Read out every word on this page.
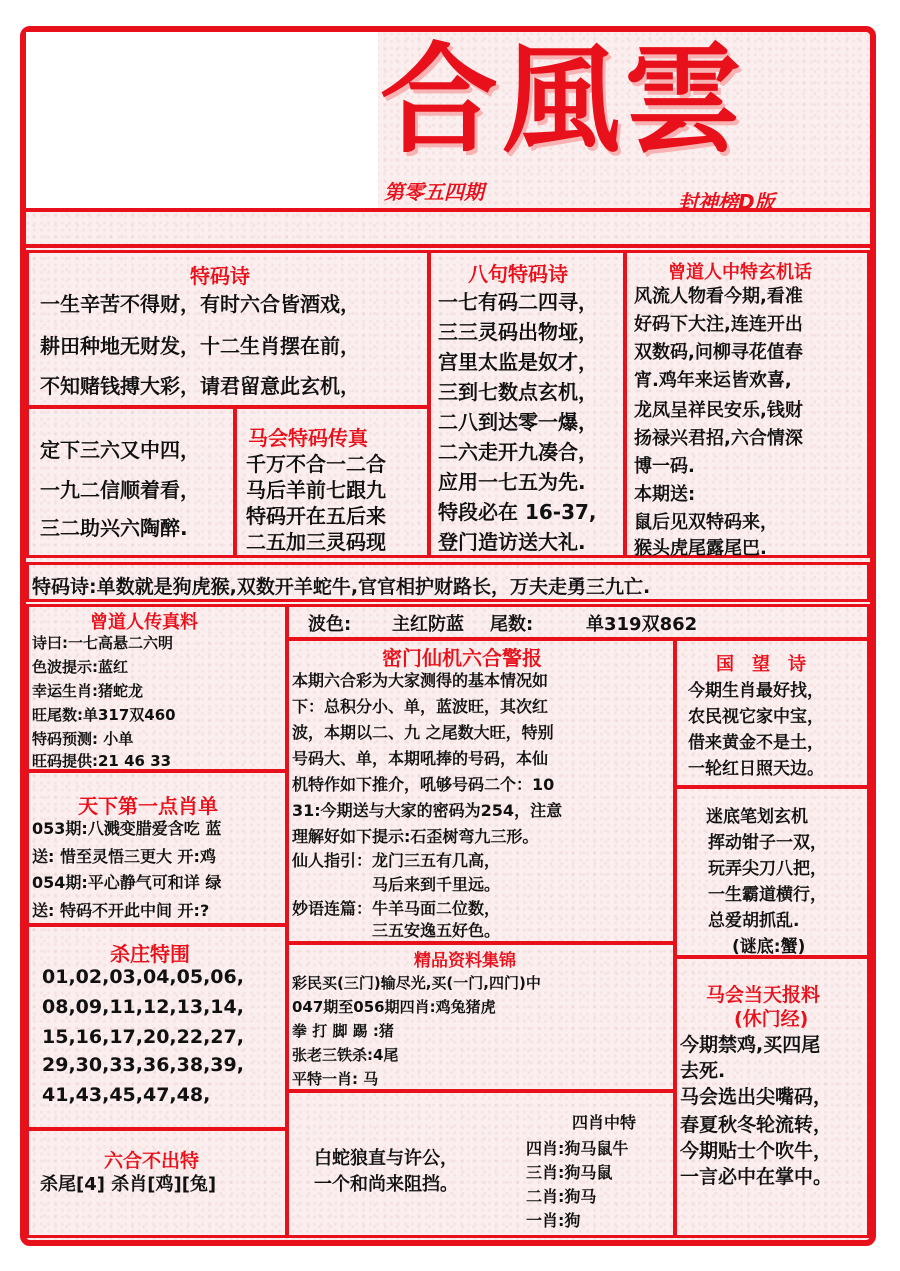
合風雲
第零五四期	封神榜D版
特码诗
一生辛苦不得财，有时六合皆酒戏，
耕田种地无财发，十二生肖摆在前，
不知赌钱搏大彩，请君留意此玄机，
定下三六又中四，
一九二信顺着看，
三二助兴六陶醉.
马会特码传真
千万不合一二合
马后羊前七跟九
特码开在五后来
二五加三灵码现
八句特码诗
一七有码二四寻，
三三灵码出物垭，
宫里太监是奴才，
三到七数点玄机，
二八到达零一爆，
二六走开九凑合，
应用一七五为先.
特段必在 16-37,
登门造访送大礼.
曾道人中特玄机话
风流人物看今期,看准
好码下大注,连连开出
双数码,问柳寻花值春
宵.鸡年来运皆欢喜,
龙凤呈祥民安乐,钱财
扬禄兴君招,六合情深
博一码.
本期送:
鼠后见双特码来，
猴头虎尾露尾巴.
特码诗:单数就是狗虎猴,双数开羊蛇牛,官官相护财路长，万夫走勇三九亡.
曾道人传真料
诗曰:一七高悬二六明
色波提示:蓝红
幸运生肖:猪蛇龙
旺尾数:单317双460
特码预测: 小单
旺码提供:21 46 33
波色: 主红防蓝 尾数:	单319双862
密门仙机六合警报
本期六合彩为大家测得的基本情况如
下：总积分小、单，蓝波旺，其次红
波，本期以二、九 之尾数大旺，特别
号码大、单，本期吼捧的号码，本仙
机特作如下推介，吼够号码二个：10
31:今期送与大家的密码为254，注意
理解好如下提示:石歪树弯九三形。
仙人指引：龙门三五有几高，
　　　　　马后来到千里远。
妙语连篇：牛羊马面二位数，
　　　　　三五安逸五好色。
国　望　诗
今期生肖最好找，
农民视它家中宝，
借来黄金不是土，
一轮红日照天边。
迷底笔划玄机
挥动钳子一双，
玩弄尖刀八把，
一生霸道横行，
总爱胡抓乱.
(谜底:蟹)
天下第一点肖单
053期:八溅变腊爱含吃 蓝
送: 惜至灵悟三更大 开:鸡
054期:平心静气可和详 绿
送: 特码不开此中间 开:?
杀庄特围
01,02,03,04,05,06,
08,09,11,12,13,14,
15,16,17,20,22,27,
29,30,33,36,38,39,
41,43,45,47,48,
精品资料集锦
彩民买(三门)输尽光,买(一门,四门)中
047期至056期四肖:鸡兔猪虎
拳 打 脚 踢 :猪
张老三铁杀:4尾
平特一肖: 马
马会当天报料
(休门经)
今期禁鸡,买四尾
去死.
马会选出尖嘴码，
春夏秋冬轮流转，
今期贴士个吹牛，
一言必中在掌中。
六合不出特
杀尾[4] 杀肖[鸡][兔]
白蛇狼直与许公，
一个和尚来阻挡。
四肖中特
四肖:狗马鼠牛
三肖:狗马鼠
二肖:狗马
一肖:狗
